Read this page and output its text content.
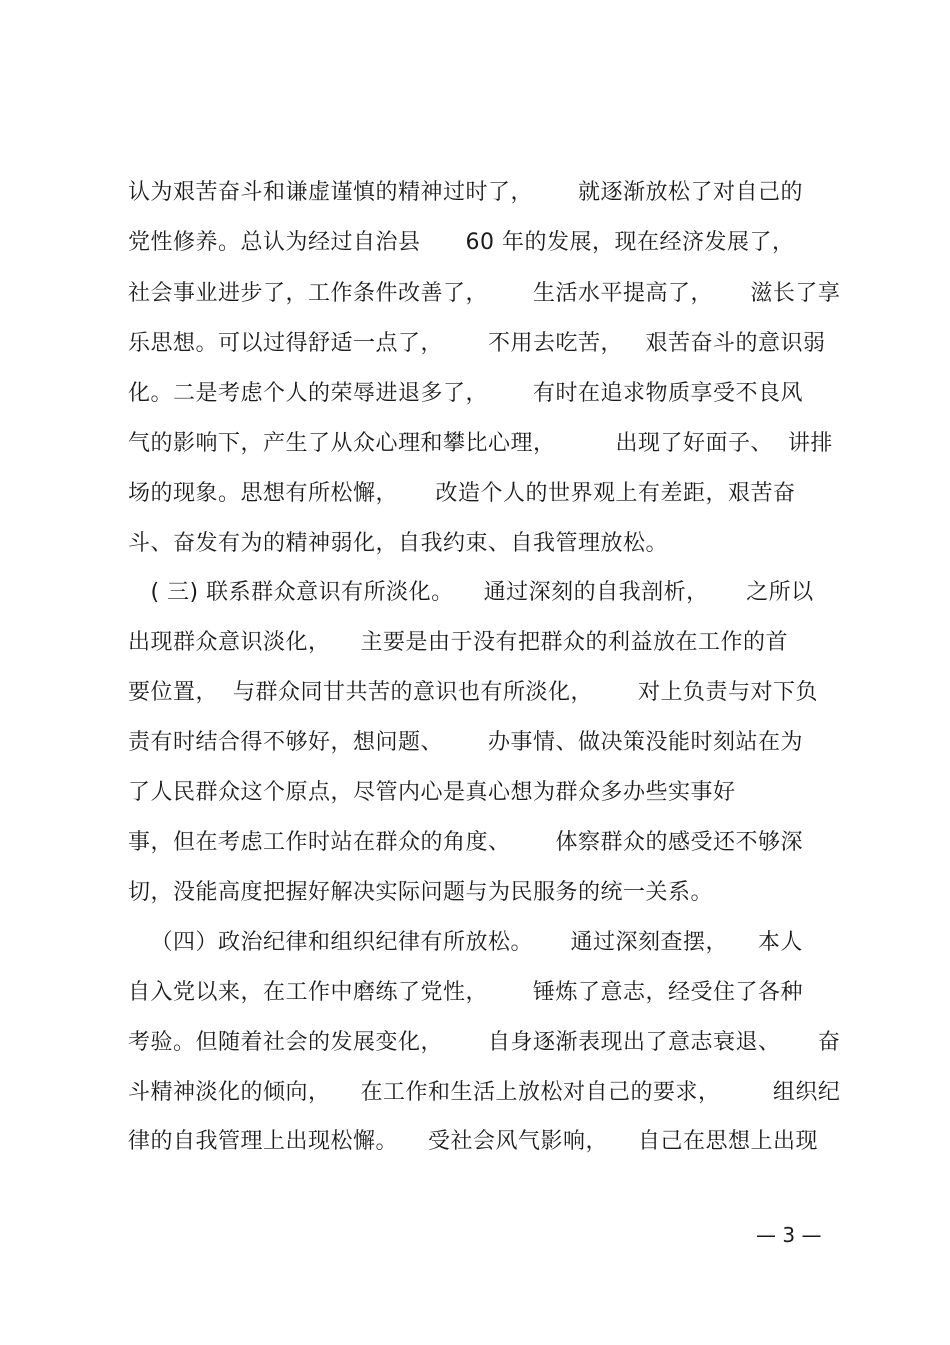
认为艰苦奋斗和谦虚谨慎的精神过时了，      就逐渐放松了对自己的
党性修养。总认为经过自治县      60 年的发展，现在经济发展了，
社会事业进步了，工作条件改善了，      生活水平提高了，     滋长了享
乐思想。可以过得舒适一点了，      不用去吃苦，   艰苦奋斗的意识弱
化。二是考虑个人的荣辱进退多了，      有时在追求物质享受不良风
气的影响下，产生了从众心理和攀比心理，        出现了好面子、  讲排
场的现象。思想有所松懈，     改造个人的世界观上有差距，艰苦奋
斗、奋发有为的精神弱化，自我约束、自我管理放松。
( 三) 联系群众意识有所淡化。    通过深刻的自我剖析，     之所以
出现群众意识淡化，    主要是由于没有把群众的利益放在工作的首
要位置，  与群众同甘共苦的意识也有所淡化，      对上负责与对下负
责有时结合得不够好，想问题、      办事情、做决策没能时刻站在为
了人民群众这个原点，尽管内心是真心想为群众多办些实事好
事，但在考虑工作时站在群众的角度、      体察群众的感受还不够深
切，没能高度把握好解决实际问题与为民服务的统一关系。
（四）政治纪律和组织纪律有所放松。     通过深刻查摆，    本人
自入党以来，在工作中磨练了党性，      锤炼了意志，经受住了各种
考验。但随着社会的发展变化，      自身逐渐表现出了意志衰退、     奋
斗精神淡化的倾向，    在工作和生活上放松对自己的要求，       组织纪
律的自我管理上出现松懈。    受社会风气影响，    自己在思想上出现
— 3 —
